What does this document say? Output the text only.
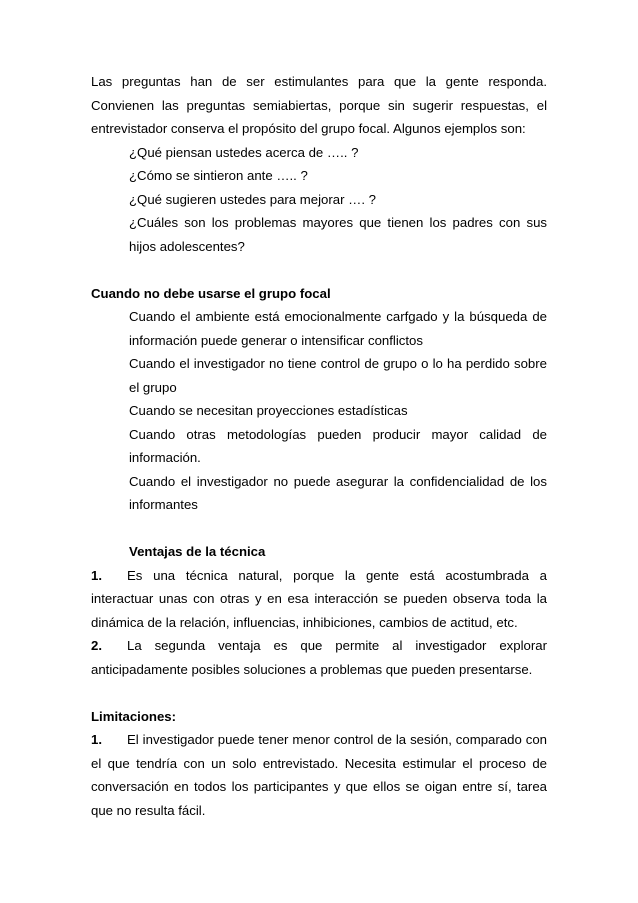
Las preguntas han de ser estimulantes para que la gente responda. Convienen las preguntas semiabiertas, porque sin sugerir respuestas, el entrevistador conserva el propósito del grupo focal. Algunos ejemplos son:

¿Qué piensan ustedes acerca de ….. ?
¿Cómo se sintieron ante ….. ?
¿Qué sugieren ustedes para mejorar …. ?
¿Cuáles son los problemas mayores que tienen los padres con sus hijos adolescentes?

Cuando no debe usarse el grupo focal

Cuando el ambiente está emocionalmente carfgado y la búsqueda de información puede generar o intensificar conflictos
Cuando el investigador no tiene control de grupo o lo ha perdido sobre el grupo
Cuando se necesitan proyecciones estadísticas
Cuando otras metodologías pueden producir mayor calidad de información.
Cuando el investigador no puede asegurar la confidencialidad de los informantes
Ventajas de la técnica

1. Es una técnica natural, porque la gente está acostumbrada a interactuar unas con otras y en esa interacción se pueden observa toda la dinámica de la relación, influencias, inhibiciones, cambios de actitud, etc.

2. La segunda ventaja es que permite al investigador explorar anticipadamente posibles soluciones a problemas que pueden presentarse.

Limitaciones:

1. El investigador puede tener menor control de la sesión, comparado con el que tendría con un solo entrevistado. Necesita estimular el proceso de conversación en todos los participantes y que ellos se oigan entre sí, tarea que no resulta fácil.
